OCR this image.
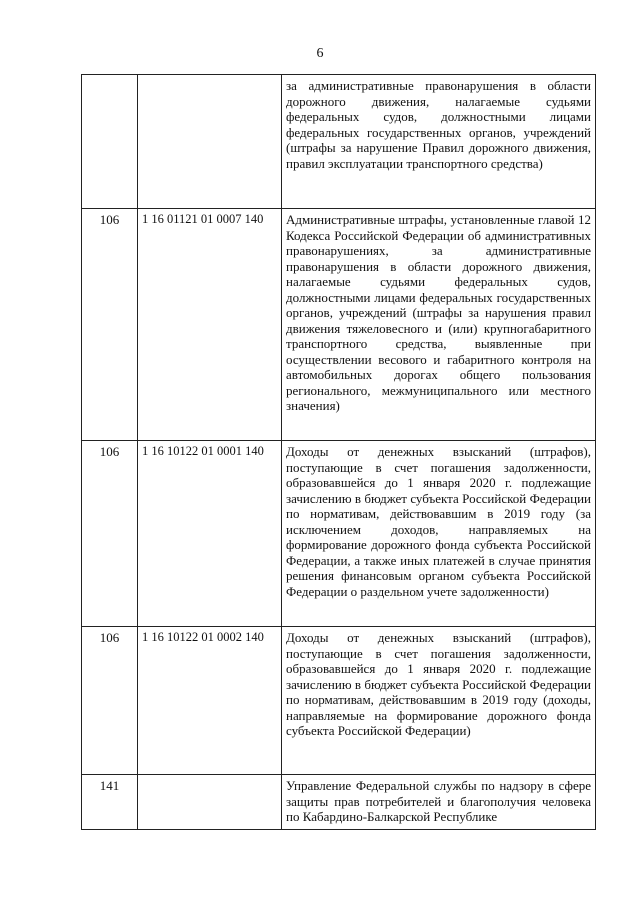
6
		за административные правонарушения в области дорожного движения, налагаемые судьями федеральных судов, должностными лицами федеральных государственных органов, учреждений (штрафы за нарушение Правил дорожного движения, правил эксплуатации транспортного средства)
106	1 16 01121 01 0007 140	Административные штрафы, установленные главой 12 Кодекса Российской Федерации об административных правонарушениях, за административные правонарушения в области дорожного движения, налагаемые судьями федеральных судов, должностными лицами федеральных государственных органов, учреждений (штрафы за нарушения правил движения тяжеловесного и (или) крупногабаритного транспортного средства, выявленные при осуществлении весового и габаритного контроля на автомобильных дорогах общего пользования регионального, межмуниципального или местного значения)
106	1 16 10122 01 0001 140	Доходы от денежных взысканий (штрафов), поступающие в счет погашения задолженности, образовавшейся до 1 января 2020 г. подлежащие зачислению в бюджет субъекта Российской Федерации по нормативам, действовавшим в 2019 году (за исключением доходов, направляемых на формирование дорожного фонда субъекта Российской Федерации, а также иных платежей в случае принятия решения финансовым органом субъекта Российской Федерации о раздельном учете задолженности)
106	1 16 10122 01 0002 140	Доходы от денежных взысканий (штрафов), поступающие в счет погашения задолженности, образовавшейся до 1 января 2020 г. подлежащие зачислению в бюджет субъекта Российской Федерации по нормативам, действовавшим в 2019 году (доходы, направляемые на формирование дорожного фонда субъекта Российской Федерации)
141		Управление Федеральной службы по надзору в сфере защиты прав потребителей и благополучия человека по Кабардино-Балкарской Республике
